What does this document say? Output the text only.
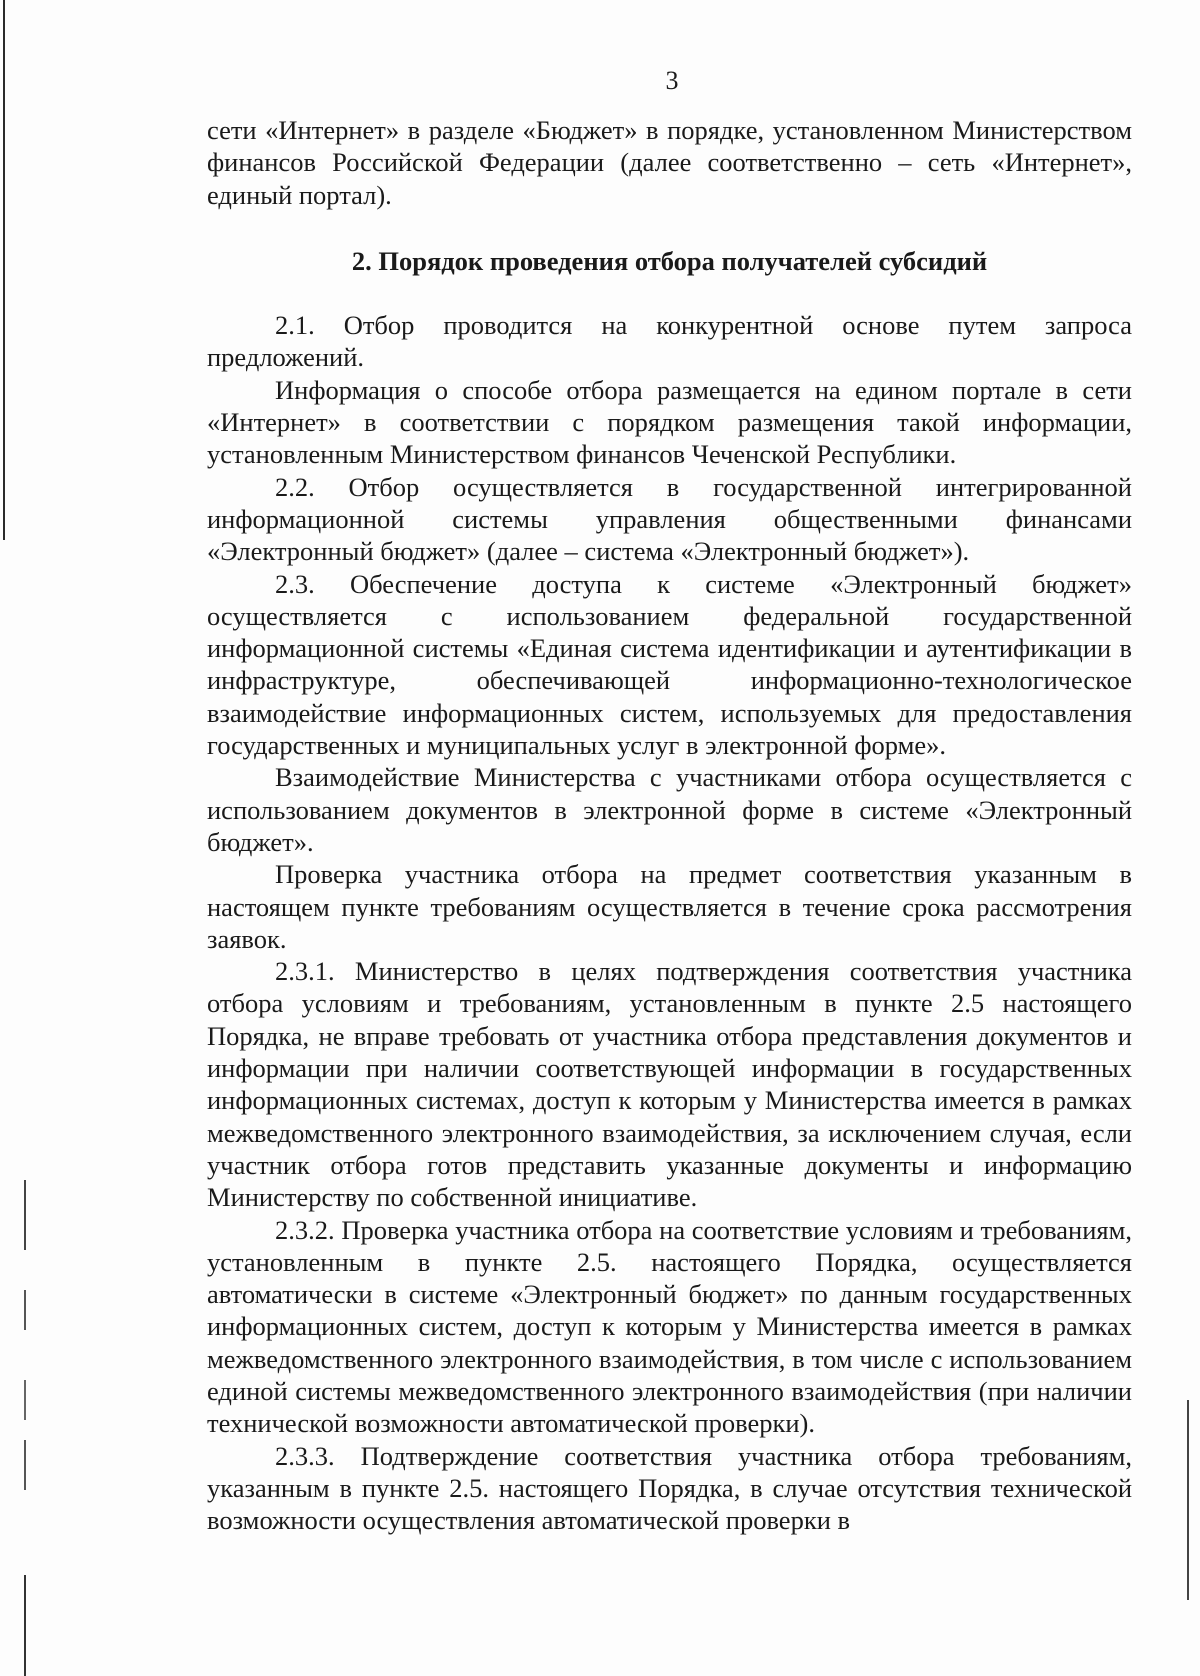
3

сети «Интернет» в разделе «Бюджет» в порядке, установленном Министерством финансов Российской Федерации (далее соответственно – сеть «Интернет», единый портал).

2. Порядок проведения отбора получателей субсидий

2.1. Отбор проводится на конкурентной основе путем запроса предложений.

Информация о способе отбора размещается на едином портале в сети «Интернет» в соответствии с порядком размещения такой информации, установленным Министерством финансов Чеченской Республики.

2.2. Отбор осуществляется в государственной интегрированной информационной системы управления общественными финансами «Электронный бюджет» (далее – система «Электронный бюджет»).

2.3. Обеспечение доступа к системе «Электронный бюджет» осуществляется с использованием федеральной государственной информационной системы «Единая система идентификации и аутентификации в инфраструктуре, обеспечивающей информационно-технологическое взаимодействие информационных систем, используемых для предоставления государственных и муниципальных услуг в электронной форме».

Взаимодействие Министерства с участниками отбора осуществляется с использованием документов в электронной форме в системе «Электронный бюджет».

Проверка участника отбора на предмет соответствия указанным в настоящем пункте требованиям осуществляется в течение срока рассмотрения заявок.

2.3.1. Министерство в целях подтверждения соответствия участника отбора условиям и требованиям, установленным в пункте 2.5 настоящего Порядка, не вправе требовать от участника отбора представления документов и информации при наличии соответствующей информации в государственных информационных системах, доступ к которым у Министерства имеется в рамках межведомственного электронного взаимодействия, за исключением случая, если участник отбора готов представить указанные документы и информацию Министерству по собственной инициативе.

2.3.2. Проверка участника отбора на соответствие условиям и требованиям, установленным в пункте 2.5. настоящего Порядка, осуществляется автоматически в системе «Электронный бюджет» по данным государственных информационных систем, доступ к которым у Министерства имеется в рамках межведомственного электронного взаимодействия, в том числе с использованием единой системы межведомственного электронного взаимодействия (при наличии технической возможности автоматической проверки).

2.3.3. Подтверждение соответствия участника отбора требованиям, указанным в пункте 2.5. настоящего Порядка, в случае отсутствия технической возможности осуществления автоматической проверки в
